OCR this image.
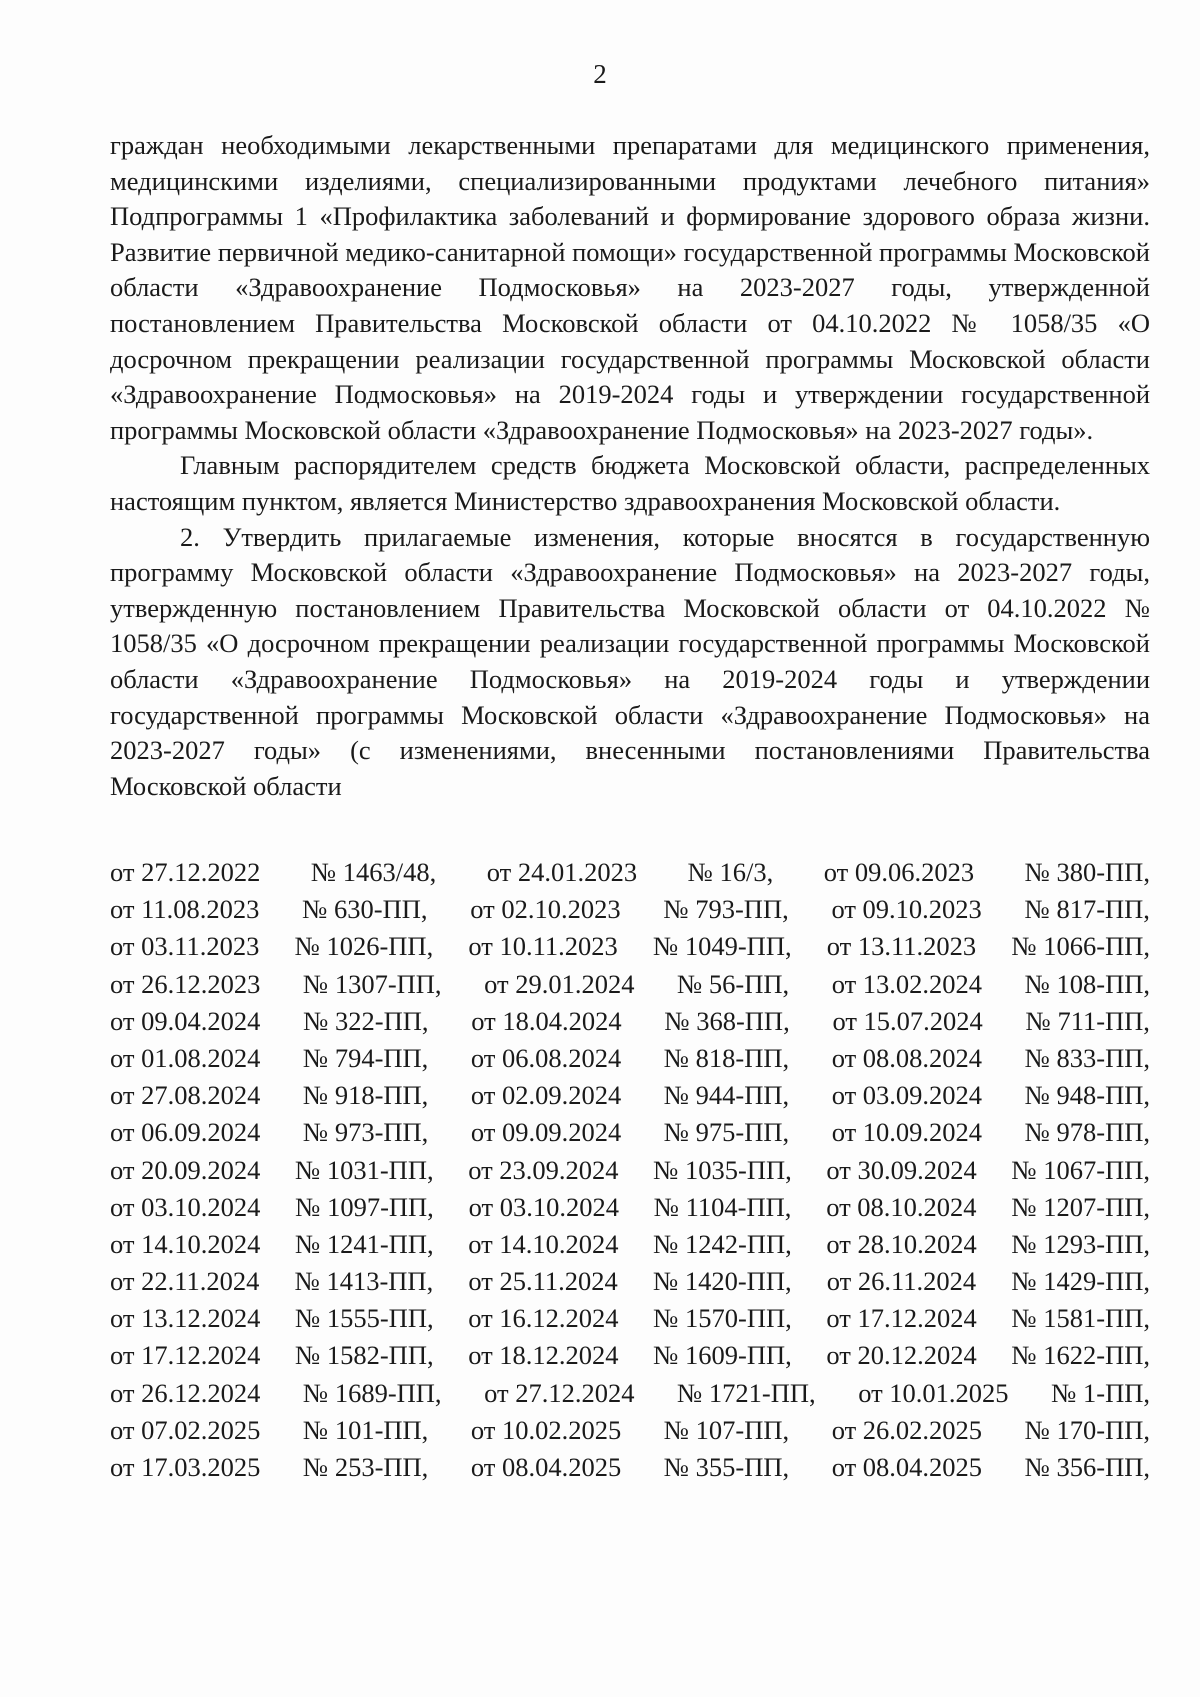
2

граждан необходимыми лекарственными препаратами для медицинского применения, медицинскими изделиями, специализированными продуктами лечебного питания» Подпрограммы 1 «Профилактика заболеваний и формирование здорового образа жизни. Развитие первичной медико-санитарной помощи» государственной программы Московской области «Здравоохранение Подмосковья» на 2023-2027 годы, утвержденной постановлением Правительства Московской области от 04.10.2022 № 1058/35 «О досрочном прекращении реализации государственной программы Московской области «Здравоохранение Подмосковья» на 2019-2024 годы и утверждении государственной программы Московской области «Здравоохранение Подмосковья» на 2023-2027 годы».

Главным распорядителем средств бюджета Московской области, распределенных настоящим пунктом, является Министерство здравоохранения Московской области.

2. Утвердить прилагаемые изменения, которые вносятся в государственную программу Московской области «Здравоохранение Подмосковья» на 2023-2027 годы, утвержденную постановлением Правительства Московской области от 04.10.2022 № 1058/35 «О досрочном прекращении реализации государственной программы Московской области «Здравоохранение Подмосковья» на 2019-2024 годы и утверждении государственной программы Московской области «Здравоохранение Подмосковья» на 2023-2027 годы» (с изменениями, внесенными постановлениями Правительства Московской области

от 27.12.2022 № 1463/48, от 24.01.2023 № 16/3, от 09.06.2023 № 380-ПП,
от 11.08.2023 № 630-ПП, от 02.10.2023 № 793-ПП, от 09.10.2023 № 817-ПП,
от 03.11.2023 № 1026-ПП, от 10.11.2023 № 1049-ПП, от 13.11.2023 № 1066-ПП,
от 26.12.2023 № 1307-ПП, от 29.01.2024 № 56-ПП, от 13.02.2024 № 108-ПП,
от 09.04.2024 № 322-ПП, от 18.04.2024 № 368-ПП, от 15.07.2024 № 711-ПП,
от 01.08.2024 № 794-ПП, от 06.08.2024 № 818-ПП, от 08.08.2024 № 833-ПП,
от 27.08.2024 № 918-ПП, от 02.09.2024 № 944-ПП, от 03.09.2024 № 948-ПП,
от 06.09.2024 № 973-ПП, от 09.09.2024 № 975-ПП, от 10.09.2024 № 978-ПП,
от 20.09.2024 № 1031-ПП, от 23.09.2024 № 1035-ПП, от 30.09.2024 № 1067-ПП,
от 03.10.2024 № 1097-ПП, от 03.10.2024 № 1104-ПП, от 08.10.2024 № 1207-ПП,
от 14.10.2024 № 1241-ПП, от 14.10.2024 № 1242-ПП, от 28.10.2024 № 1293-ПП,
от 22.11.2024 № 1413-ПП, от 25.11.2024 № 1420-ПП, от 26.11.2024 № 1429-ПП,
от 13.12.2024 № 1555-ПП, от 16.12.2024 № 1570-ПП, от 17.12.2024 № 1581-ПП,
от 17.12.2024 № 1582-ПП, от 18.12.2024 № 1609-ПП, от 20.12.2024 № 1622-ПП,
от 26.12.2024 № 1689-ПП, от 27.12.2024 № 1721-ПП, от 10.01.2025 № 1-ПП,
от 07.02.2025 № 101-ПП, от 10.02.2025 № 107-ПП, от 26.02.2025 № 170-ПП,
от 17.03.2025 № 253-ПП, от 08.04.2025 № 355-ПП, от 08.04.2025 № 356-ПП,
